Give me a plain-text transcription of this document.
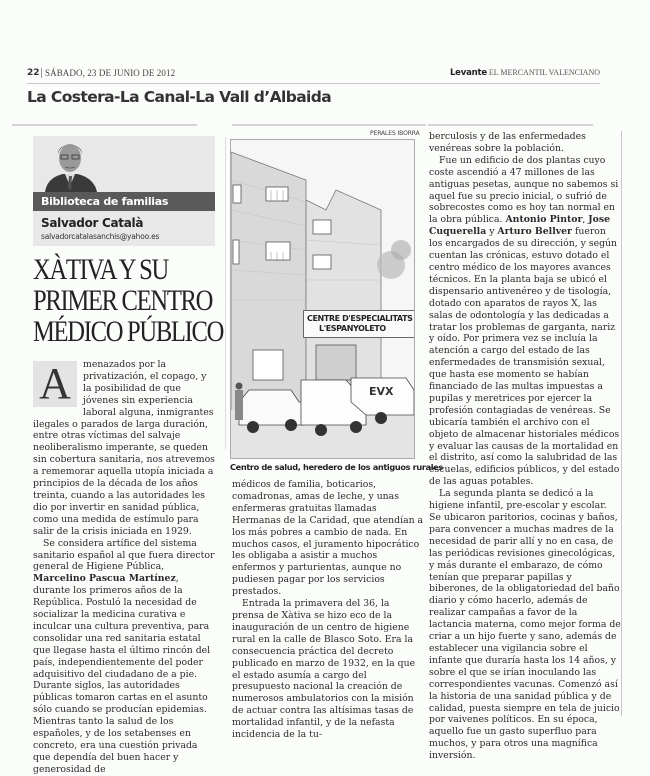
22 SÁBADO, 23 DE JUNIO DE 2012	Levante EL MERCANTIL VALENCIANO
La Costera-La Canal-La Vall d’Albaida
Biblioteca de familias
Salvador Català
salvadorcatalasanchis@yahoo.es
XÀTIVA Y SU
PRIMER CENTRO
MÉDICO PÚBLICO

A	menazados por la privatización, el copago, y la posibilidad de que jóvenes sin experiencia laboral alguna, inmigrantes ilegales o parados de larga duración, entre otras víctimas del salvaje neoliberalismo imperante, se queden sin cobertura sanitaria, nos atrevemos a rememorar aquella utopía iniciada a principios de la década de los años treinta, cuando a las autoridades les dio por invertir en sanidad pública, como una medida de estímulo para salir de la crisis iniciada en 1929.

Se considera artífice del sistema sanitario español al que fuera director general de Higiene Pública, Marcelino Pascua Martínez, durante los primeros años de la República. Postuló la necesidad de socializar la medicina curativa e inculcar una cultura preventiva, para consolidar una red sanitaria estatal que llegase hasta el último rincón del país, independientemente del poder adquisitivo del ciudadano de a pie. Durante siglos, las autoridades públicas tomaron cartas en el asunto sólo cuando se producían epidemias. Mientras tanto la salud de los españoles, y de los setabenses en concreto, era una cuestión privada que dependía del buen hacer y generosidad de

PERALES IBORRA
EVX
CENTRE D'ESPECIALITATS
L'ESPANYOLETO
Centro de salud, heredero de los antiguos rurales

médicos de familia, boticarios, comadronas, amas de leche, y unas enfermeras gratuitas llamadas Hermanas de la Caridad, que atendían a los más pobres a cambio de nada. En muchos casos, el juramento hipocrático les obligaba a asistir a muchos enfermos y parturientas, aunque no pudiesen pagar por los servicios prestados.

Entrada la primavera del 36, la prensa de Xàtiva se hizo eco de la inauguración de un centro de higiene rural en la calle de Blasco Soto. Era la consecuencia práctica del decreto publicado en marzo de 1932, en la que el estado asumía a cargo del presupuesto nacional la creación de numerosos ambulatorios con la misión de actuar contra las altísimas tasas de mortalidad infantil, y de la nefasta incidencia de la tu-

berculosis y de las enfermedades venéreas sobre la población.

Fue un edificio de dos plantas cuyo coste ascendió a 47 millones de las antiguas pesetas, aunque no sabemos si aquel fue su precio inicial, o sufrió de sobrecostes como es hoy tan normal en la obra pública. Antonio Pintor, Jose Cuquerella y Arturo Bellver fueron los encargados de su dirección, y según cuentan las crónicas, estuvo dotado el centro médico de los mayores avances técnicos. En la planta baja se ubicó el dispensario antivenéreo y de tisología, dotado con aparatos de rayos X, las salas de odontología y las dedicadas a tratar los problemas de garganta, nariz y oído. Por primera vez se incluía la atención a cargo del estado de las enfermedades de transmisión sexual, que hasta ese momento se habían financiado de las multas impuestas a pupilas y meretrices por ejercer la profesión contagiadas de venéreas. Se ubicaría también el archivo con el objeto de almacenar historiales médicos y evaluar las causas de la mortalidad en el distrito, así como la salubridad de las escuelas, edificios públicos, y del estado de las aguas potables.

La segunda planta se dedicó a la higiene infantil, pre-escolar y escolar. Se ubicaron paritorios, cocinas y baños, para convencer a muchas madres de la necesidad de parir allí y no en casa, de las periódicas revisiones ginecológicas, y más durante el embarazo, de cómo tenían que preparar papillas y biberones, de la obligatoriedad del baño diario y cómo hacerlo, además de realizar campañas a favor de la lactancia materna, como mejor forma de criar a un hijo fuerte y sano, además de establecer una vigilancia sobre el infante que duraría hasta los 14 años, y sobre el que se irían inoculando las correspondientes vacunas. Comenzó así la historia de una sanidad pública y de calidad, puesta siempre en tela de juicio por vaivenes políticos. En su época, aquello fue un gasto superfluo para muchos, y para otros una magnífica inversión.
